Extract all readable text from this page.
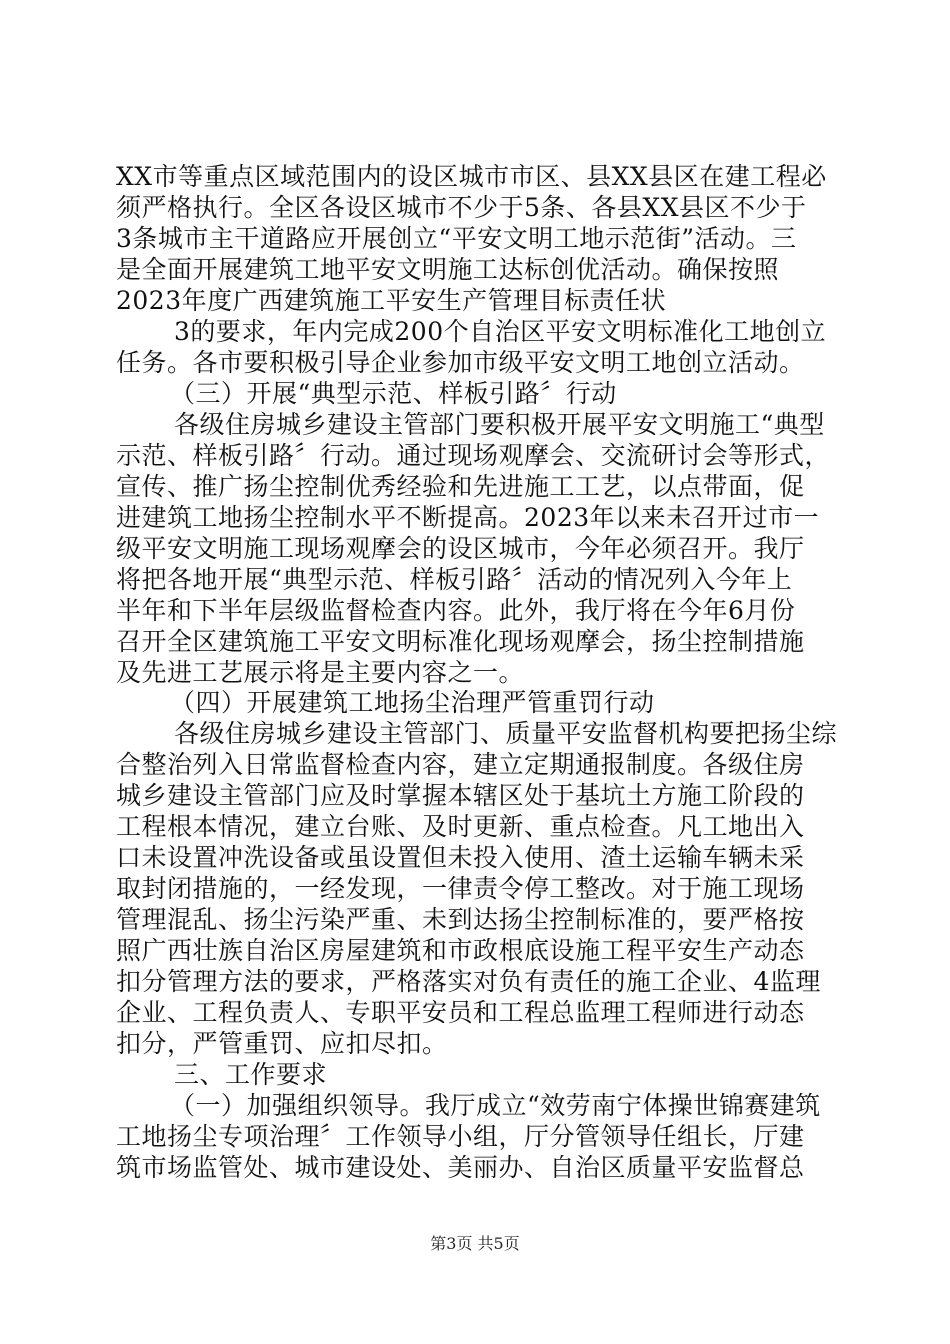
XX市等重点区域范围内的设区城市市区、县XX县区在建工程必
须严格执行。全区各设区城市不少于5条、各县XX县区不少于
3条城市主干道路应开展创立“平安文明工地示范街”活动。三
是全面开展建筑工地平安文明施工达标创优活动。确保按照
2023年度广西建筑施工平安生产管理目标责任状
3的要求，年内完成200个自治区平安文明标准化工地创立
任务。各市要积极引导企业参加市级平安文明工地创立活动。
（三）开展“典型示范、样板引路〞行动
各级住房城乡建设主管部门要积极开展平安文明施工“典型
示范、样板引路〞行动。通过现场观摩会、交流研讨会等形式，
宣传、推广扬尘控制优秀经验和先进施工工艺，以点带面，促
进建筑工地扬尘控制水平不断提高。2023年以来未召开过市一
级平安文明施工现场观摩会的设区城市，今年必须召开。我厅
将把各地开展“典型示范、样板引路〞活动的情况列入今年上
半年和下半年层级监督检查内容。此外，我厅将在今年6月份
召开全区建筑施工平安文明标准化现场观摩会，扬尘控制措施
及先进工艺展示将是主要内容之一。
（四）开展建筑工地扬尘治理严管重罚行动
各级住房城乡建设主管部门、质量平安监督机构要把扬尘综
合整治列入日常监督检查内容，建立定期通报制度。各级住房
城乡建设主管部门应及时掌握本辖区处于基坑土方施工阶段的
工程根本情况，建立台账、及时更新、重点检查。凡工地出入
口未设置冲洗设备或虽设置但未投入使用、渣土运输车辆未采
取封闭措施的，一经发现，一律责令停工整改。对于施工现场
管理混乱、扬尘污染严重、未到达扬尘控制标准的，要严格按
照广西壮族自治区房屋建筑和市政根底设施工程平安生产动态
扣分管理方法的要求，严格落实对负有责任的施工企业、4监理
企业、工程负责人、专职平安员和工程总监理工程师进行动态
扣分，严管重罚、应扣尽扣。
三、工作要求
（一）加强组织领导。我厅成立“效劳南宁体操世锦赛建筑
工地扬尘专项治理〞工作领导小组，厅分管领导任组长，厅建
筑市场监管处、城市建设处、美丽办、自治区质量平安监督总
第3页 共5页
